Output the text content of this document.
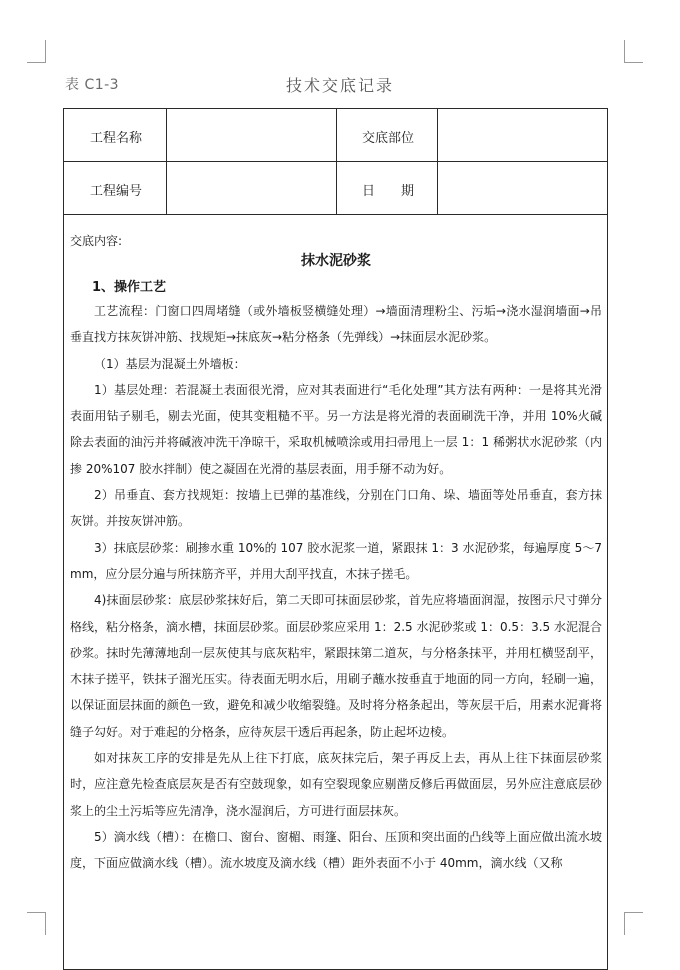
表 C1-3	技术交底记录
工程名称	交底部位
工程编号	日　　期
交底内容:
抹水泥砂浆
1、操作工艺

工艺流程：门窗口四周堵缝（或外墙板竖横缝处理）→墙面清理粉尘、污垢→浇水湿润墙面→吊垂直找方抹灰饼冲筋、找规矩→抹底灰→粘分格条（先弹线）→抹面层水泥砂浆。

（1）基层为混凝土外墙板：

1）基层处理：若混凝土表面很光滑，应对其表面进行“毛化处理”其方法有两种：一是将其光滑表面用钻子剔毛，剔去光面，使其变粗糙不平。另一方法是将光滑的表面刷洗干净，并用 10%火碱除去表面的油污并将碱液冲洗干净晾干，采取机械喷涂或用扫帚甩上一层 1：1 稀粥状水泥砂浆（内掺 20%107 胶水拌制）使之凝固在光滑的基层表面，用手掰不动为好。

2）吊垂直、套方找规矩：按墙上已弹的基准线，分别在门口角、垛、墙面等处吊垂直，套方抹灰饼。并按灰饼冲筋。

3）抹底层砂浆：刷掺水重 10%的 107 胶水泥浆一道，紧跟抹 1：3 水泥砂浆，每遍厚度 5～7mm，应分层分遍与所抹筋齐平，并用大刮平找直，木抹子搓毛。

4)抹面层砂浆：底层砂浆抹好后，第二天即可抹面层砂浆，首先应将墙面润湿，按图示尺寸弹分格线，粘分格条，滴水槽，抹面层砂浆。面层砂浆应采用 1：2.5 水泥砂浆或 1：0.5：3.5 水泥混合砂浆。抹时先薄薄地刮一层灰使其与底灰粘牢，紧跟抹第二道灰，与分格条抹平，并用杠横竖刮平，木抹子搓平，铁抹子溜光压实。待表面无明水后，用刷子蘸水按垂直于地面的同一方向，轻刷一遍，以保证面层抹面的颜色一致，避免和减少收缩裂缝。及时将分格条起出，等灰层干后，用素水泥膏将缝子勾好。对于难起的分格条，应待灰层干透后再起条，防止起坏边棱。

如对抹灰工序的安排是先从上往下打底，底灰抹完后，架子再反上去，再从上往下抹面层砂浆时，应注意先检查底层灰是否有空鼓现象，如有空裂现象应剔凿反修后再做面层，另外应注意底层砂浆上的尘土污垢等应先清净，浇水湿润后，方可进行面层抹灰。

5）滴水线（槽）：在檐口、窗台、窗楣、雨篷、阳台、压顶和突出面的凸线等上面应做出流水坡度，下面应做滴水线（槽）。流水坡度及滴水线（槽）距外表面不小于 40mm，滴水线（又称
